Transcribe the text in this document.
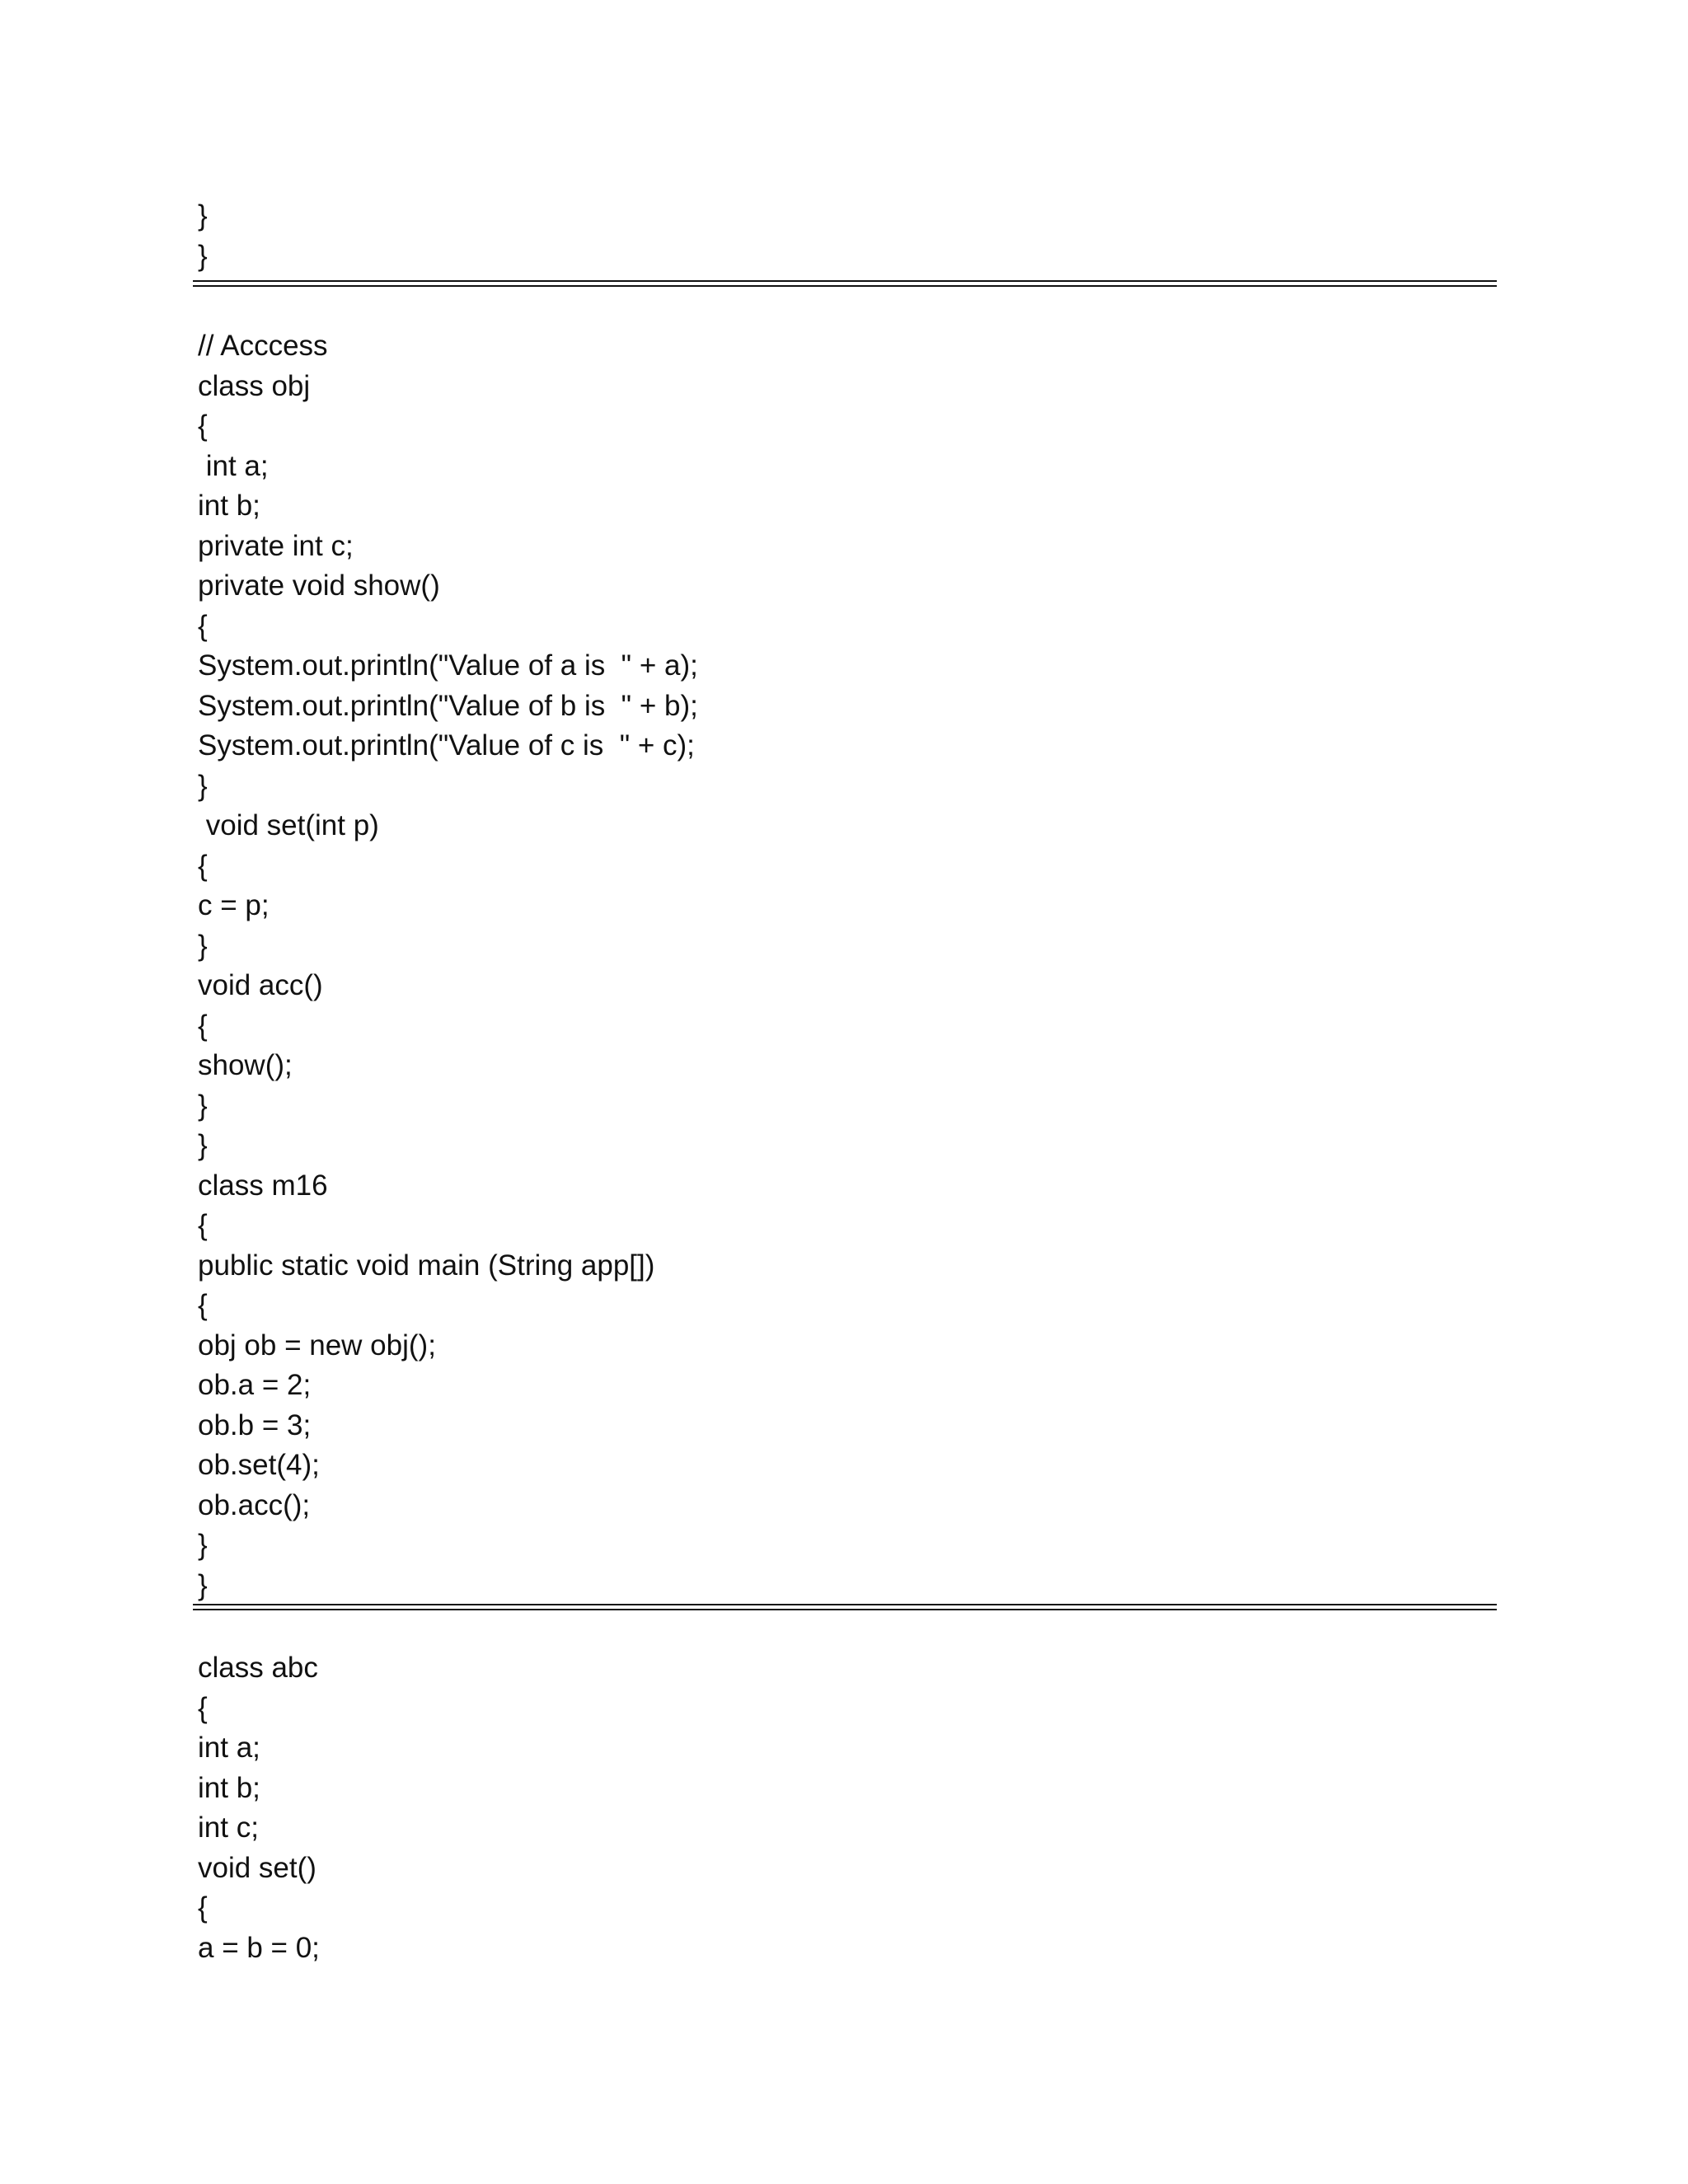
}
}
// Acccess
class obj
{
int a;
int b;
private int c;
private void show()
{
System.out.println("Value of a is  " + a);
System.out.println("Value of b is  " + b);
System.out.println("Value of c is  " + c);
}
void set(int p)
{
c = p;
}
void acc()
{
show();
}
}
class m16
{
public static void main (String app[])
{
obj ob = new obj();
ob.a = 2;
ob.b = 3;
ob.set(4);
ob.acc();
}
}
class abc
{
int a;
int b;
int c;
void set()
{
a = b = 0;
